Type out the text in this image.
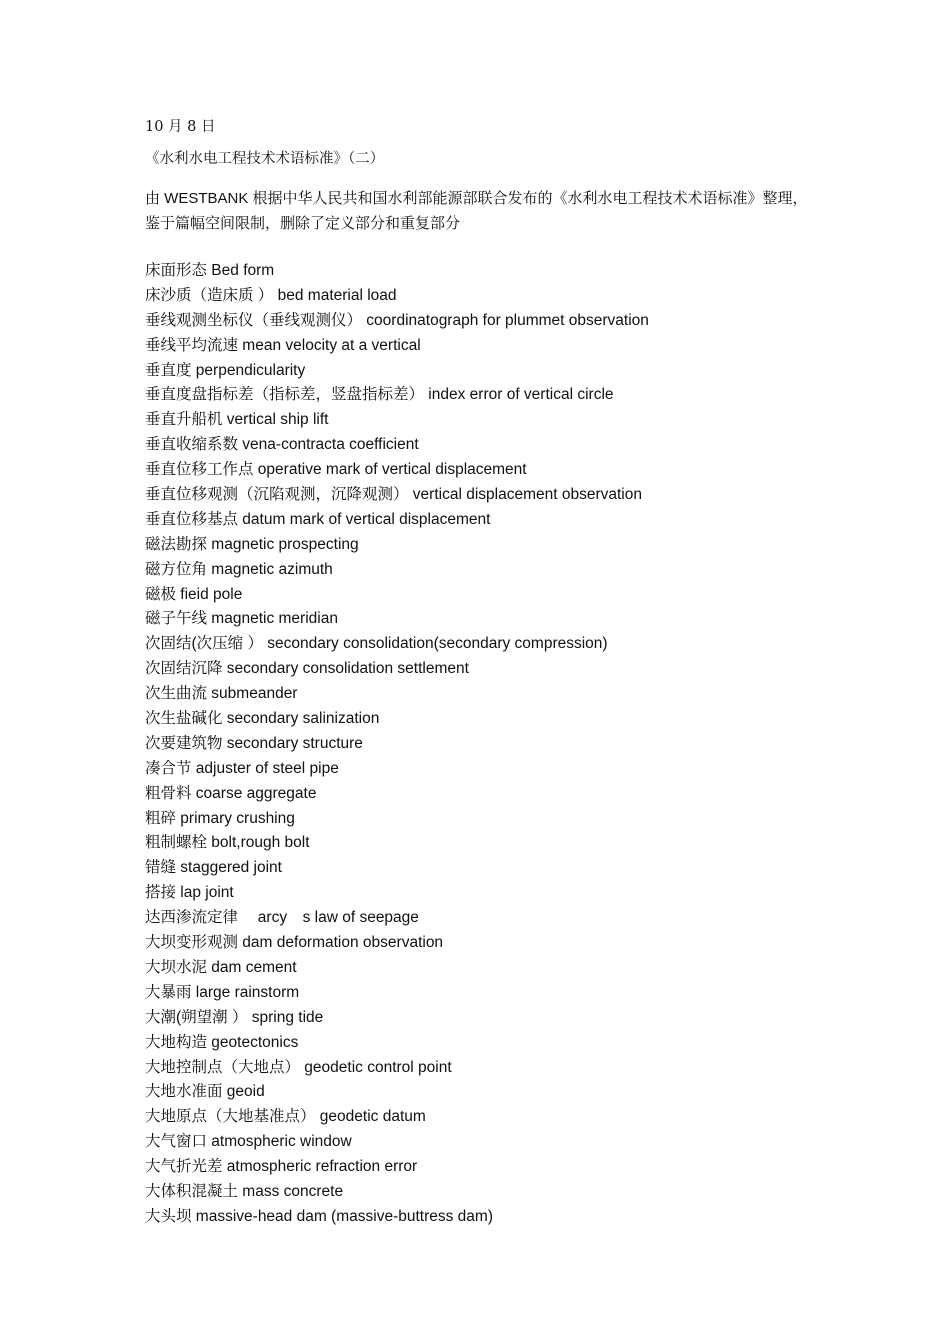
10 月 8 日
《水利水电工程技术术语标准》（二）
由 WESTBANK 根据中华人民共和国水利部能源部联合发布的《水利水电工程技术术语标准》整理，
鉴于篇幅空间限制，删除了定义部分和重复部分
床面形态 Bed form
床沙质（造床质 ） bed material load
垂线观测坐标仪（垂线观测仪） coordinatograph for plummet observation
垂线平均流速 mean velocity at a vertical
垂直度 perpendicularity
垂直度盘指标差（指标差，竖盘指标差） index error of vertical circle
垂直升船机 vertical ship lift
垂直收缩系数 vena-contracta coefficient
垂直位移工作点 operative mark of vertical displacement
垂直位移观测（沉陷观测，沉降观测） vertical displacement observation
垂直位移基点 datum mark of vertical displacement
磁法勘探 magnetic prospecting
磁方位角 magnetic azimuth
磁极 fieid pole
磁子午线 magnetic meridian
次固结(次压缩 ） secondary consolidation(secondary compression)
次固结沉降 secondary consolidation settlement
次生曲流 submeander
次生盐碱化 secondary salinization
次要建筑物 secondary structure
凑合节 adjuster of steel pipe
粗骨料 coarse aggregate
粗碎 primary crushing
粗制螺栓 bolt,rough bolt
错缝 staggered joint
搭接 lap joint
达西渗流定律　 arcy　s law of seepage
大坝变形观测 dam deformation observation
大坝水泥 dam cement
大暴雨 large rainstorm
大潮(朔望潮 ） spring tide
大地构造 geotectonics
大地控制点（大地点） geodetic control point
大地水准面 geoid
大地原点（大地基准点） geodetic datum
大气窗口 atmospheric window
大气折光差 atmospheric refraction error
大体积混凝土 mass concrete
大头坝 massive-head dam (massive-buttress dam)
